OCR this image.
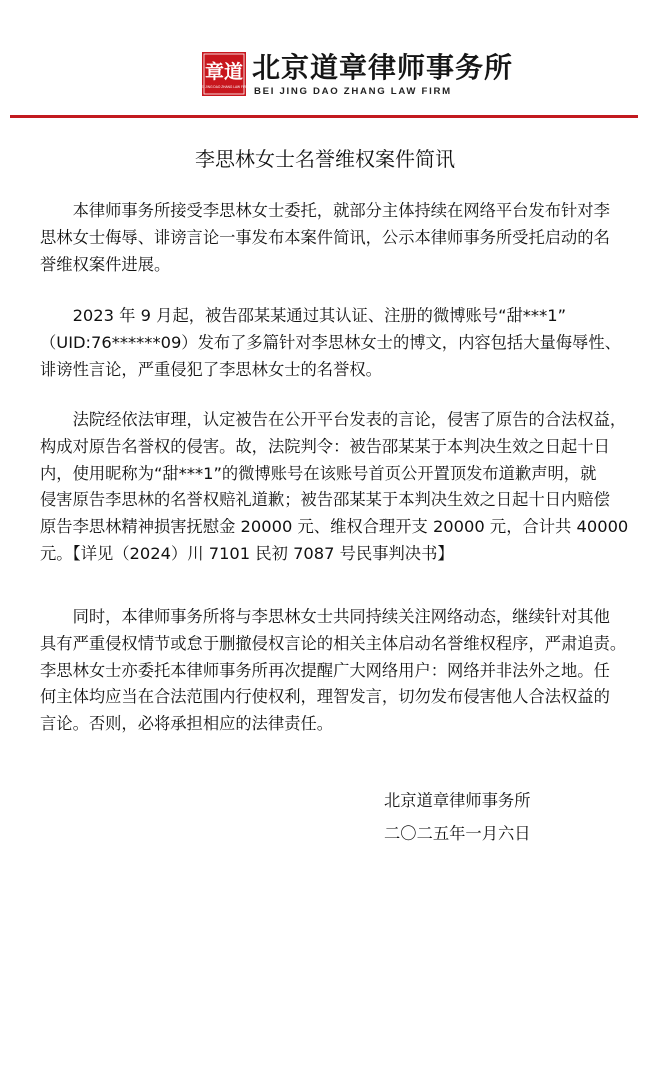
章道
BEI JING DAO ZHANG LAW FIRM
北京道章律师事务所
BEI JING DAO ZHANG LAW FIRM
李思林女士名誉维权案件简讯
　　本律师事务所接受李思林女士委托，就部分主体持续在网络平台发布针对李
思林女士侮辱、诽谤言论一事发布本案件简讯，公示本律师事务所受托启动的名
誉维权案件进展。
　　2023 年 9 月起，被告邵某某通过其认证、注册的微博账号“甜***1”
（UID:76******09）发布了多篇针对李思林女士的博文，内容包括大量侮辱性、
诽谤性言论，严重侵犯了李思林女士的名誉权。
　　法院经依法审理，认定被告在公开平台发表的言论，侵害了原告的合法权益，
构成对原告名誉权的侵害。故，法院判令：被告邵某某于本判决生效之日起十日
内，使用昵称为“甜***1”的微博账号在该账号首页公开置顶发布道歉声明，就
侵害原告李思林的名誉权赔礼道歉；被告邵某某于本判决生效之日起十日内赔偿
原告李思林精神损害抚慰金 20000 元、维权合理开支 20000 元，合计共 40000
元。【详见（2024）川 7101 民初 7087 号民事判决书】
　　同时，本律师事务所将与李思林女士共同持续关注网络动态，继续针对其他
具有严重侵权情节或怠于删撤侵权言论的相关主体启动名誉维权程序，严肃追责。
李思林女士亦委托本律师事务所再次提醒广大网络用户：网络并非法外之地。任
何主体均应当在合法范围内行使权利，理智发言，切勿发布侵害他人合法权益的
言论。否则，必将承担相应的法律责任。
北京道章律师事务所
二〇二五年一月六日
